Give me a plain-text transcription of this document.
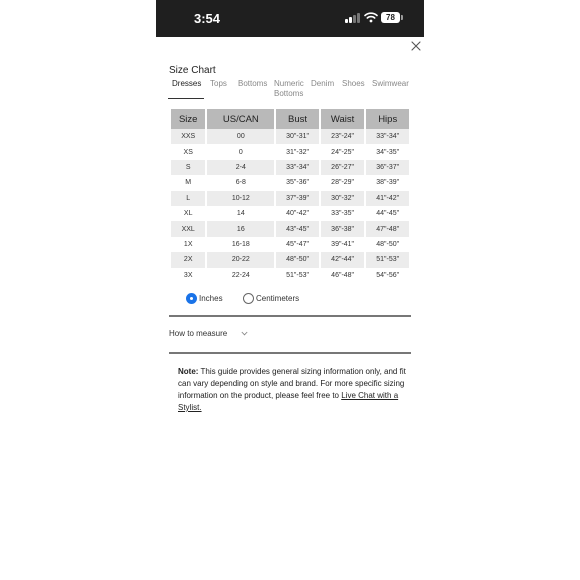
3:54	78
Size Chart
Dresses Tops Bottoms Numeric Bottoms
Denim Shoes Swimwear
Size	US/CAN	Bust	Waist	Hips
XXS	00	30"-31"	23"-24"	33"-34"
XS	0	31"-32"	24"-25"	34"-35"
S	2-4	33"-34"	26"-27"	36"-37"
M	6-8	35"-36"	28"-29"	38"-39"
L	10-12	37"-39"	30"-32"	41"-42"
XL	14	40"-42"	33"-35"	44"-45"
XXL	16	43"-45"	36"-38"	47"-48"
1X	16-18	45"-47"	39"-41"	48"-50"
2X	20-22	48"-50"	42"-44"	51"-53"
3X	22-24	51"-53"	46"-48"	54"-56"
Inches	Centimeters
How to measure
Note: This guide provides general sizing information only, and fit can vary depending on style and brand. For more specific sizing information on the product, please feel free to Live Chat with a Stylist.
